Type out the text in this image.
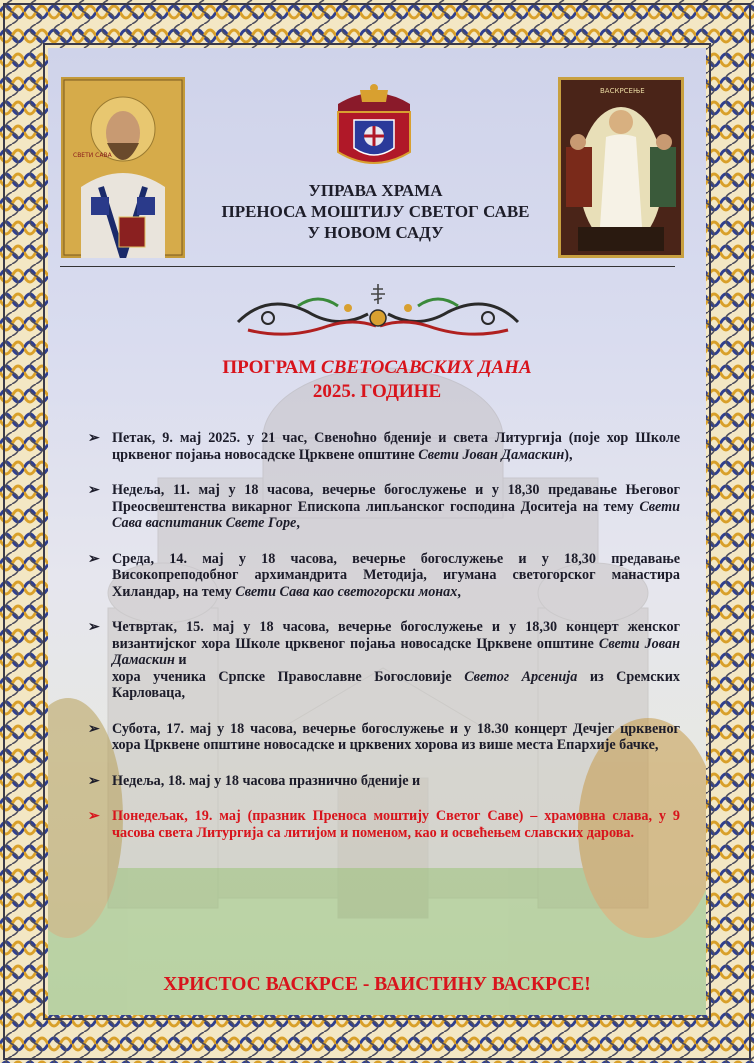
СВЕТИ САВА
ВАСКРСЕЊЕ
УПРАВА ХРАМА
ПРЕНОСА МОШТИЈУ СВЕТОГ САВЕ
У НОВОМ САДУ
ПРОГРАМ СВЕТОСАВСКИХ ДАНА
2025. ГОДИНЕ
➢ Петак, 9. мај 2025. у 21 час, Свеноћно бденије и света Литургија (поје хор Школе црквеног појања новосадске Црквене општине Свети Јован Дамаскин),
➢ Недеља, 11. мај у 18 часова, вечерње богослужење и у 18,30 предавање Његовог Преосвештенства викарног Епископа липљанског господина Доситеја на тему Свети Сава васпитаник Свете Горе,
➢ Среда, 14. мај у 18 часова, вечерње богослужење и у 18,30 предавање Високопреподобног архимандрита Методија, игумана светогорског манастира Хиландар, на тему Свети Сава као светогорски монах,
➢ Четвртак, 15. мај у 18 часова, вечерње богослужење и у 18,30 концерт женског византијског хора Школе црквеног појања новосадске Црквене општине Свети Јован Дамаскин и
хора ученика Српске Православне Богословије Светог Арсенија из Сремских Карловаца,
➢ Субота, 17. мај у 18 часова, вечерње богослужење и у 18.30 концерт Дечјег црквеног хора Црквене општине новосадске и црквених хорова из више места Епархије бачке,
➢ Недеља, 18. мај у 18 часова празнично бденије и
➢ Понедељак, 19. мај (празник Преноса моштију Светог Саве) – храмовна слава, у 9 часова света Литургија са литијом и поменом, као и освећењем славских дарова.
ХРИСТОС ВАСКРСЕ - ВАИСТИНУ ВАСКРСЕ!
